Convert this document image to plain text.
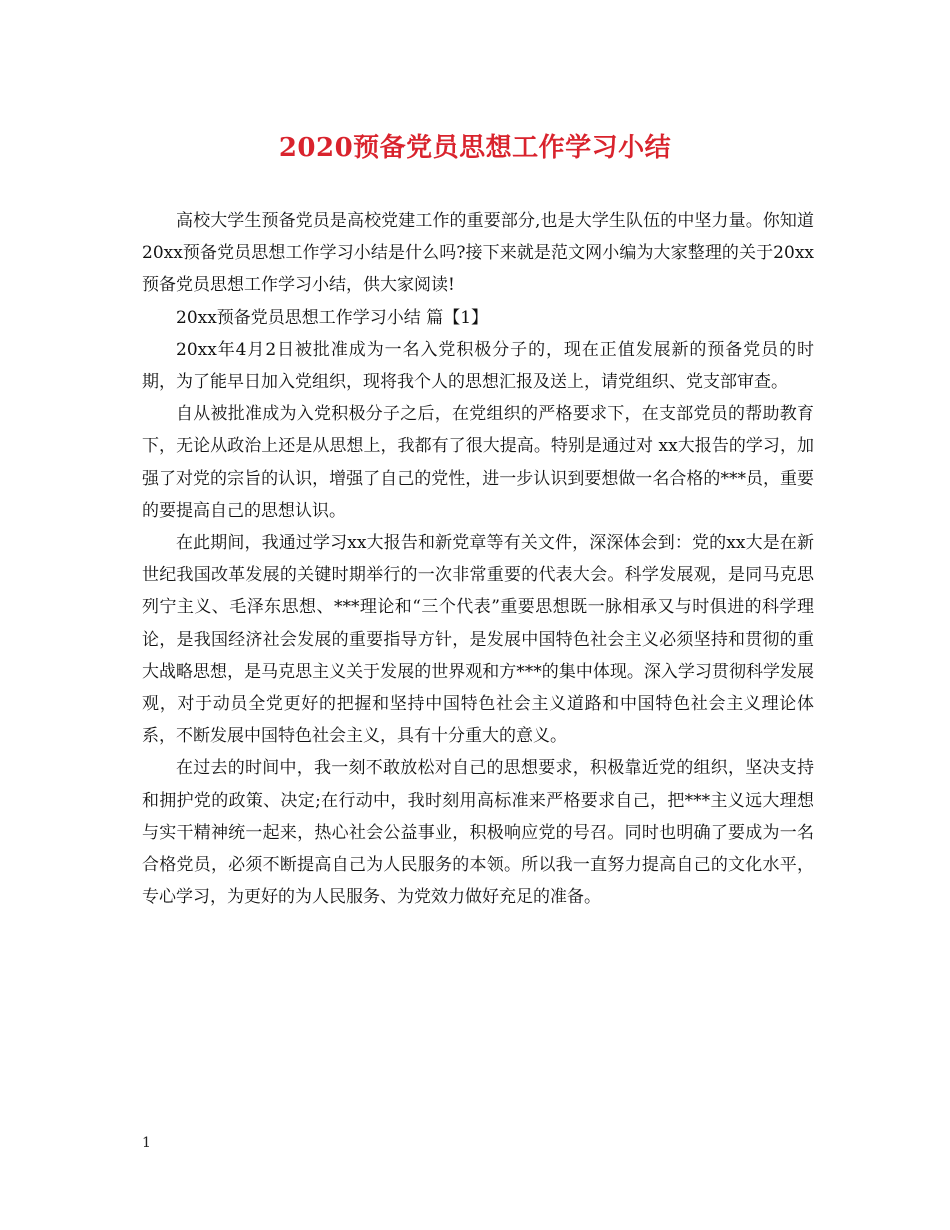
2020预备党员思想工作学习小结

高校大学生预备党员是高校党建工作的重要部分,也是大学生队伍的中坚力量。你知道20xx预备党员思想工作学习小结是什么吗?接下来就是范文网小编为大家整理的关于20xx预备党员思想工作学习小结，供大家阅读!

20xx预备党员思想工作学习小结 篇【1】

20xx年4月2日被批准成为一名入党积极分子的，现在正值发展新的预备党员的时期，为了能早日加入党组织，现将我个人的思想汇报及送上，请党组织、党支部审查。

自从被批准成为入党积极分子之后，在党组织的严格要求下，在支部党员的帮助教育下，无论从政治上还是从思想上，我都有了很大提高。特别是通过对 xx大报告的学习，加强了对党的宗旨的认识，增强了自己的党性，进一步认识到要想做一名合格的***员，重要的要提高自己的思想认识。

在此期间，我通过学习xx大报告和新党章等有关文件，深深体会到：党的xx大是在新世纪我国改革发展的关键时期举行的一次非常重要的代表大会。科学发展观，是同马克思列宁主义、毛泽东思想、***理论和“三个代表”重要思想既一脉相承又与时俱进的科学理论，是我国经济社会发展的重要指导方针，是发展中国特色社会主义必须坚持和贯彻的重大战略思想，是马克思主义关于发展的世界观和方***的集中体现。深入学习贯彻科学发展观，对于动员全党更好的把握和坚持中国特色社会主义道路和中国特色社会主义理论体系，不断发展中国特色社会主义，具有十分重大的意义。

在过去的时间中，我一刻不敢放松对自己的思想要求，积极靠近党的组织，坚决支持和拥护党的政策、决定;在行动中，我时刻用高标准来严格要求自己，把***主义远大理想与实干精神统一起来，热心社会公益事业，积极响应党的号召。同时也明确了要成为一名合格党员，必须不断提高自己为人民服务的本领。所以我一直努力提高自己的文化水平，专心学习，为更好的为人民服务、为党效力做好充足的准备。

1
